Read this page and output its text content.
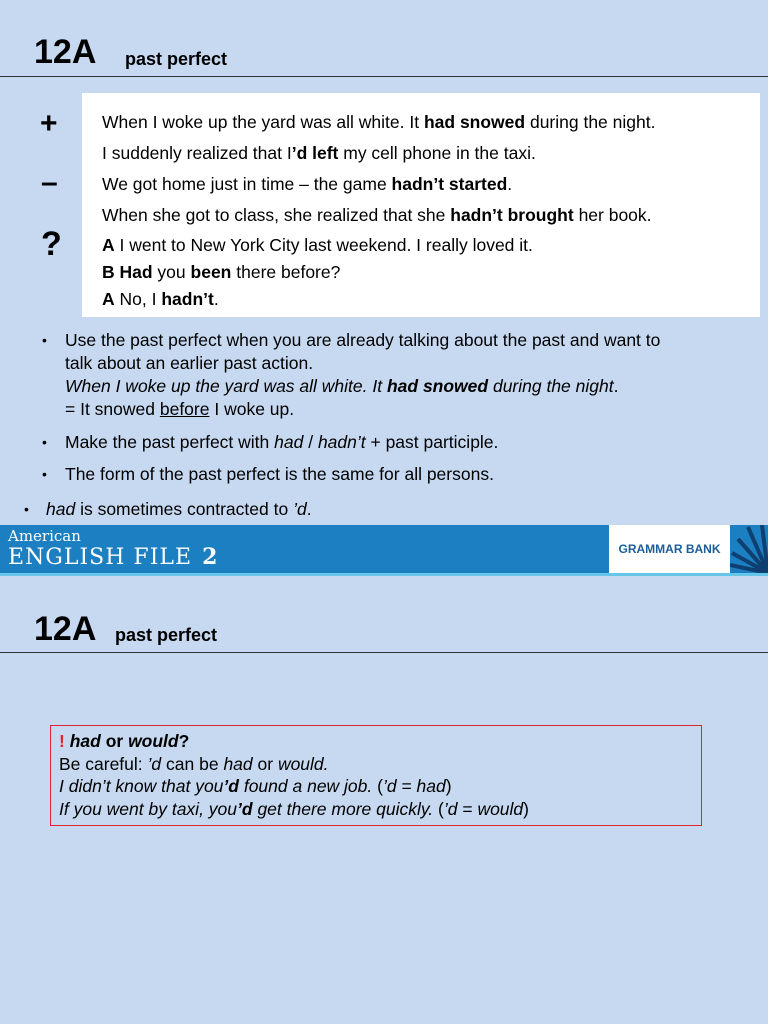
12A past perfect
+
–
?
When I woke up the yard was all white. It had snowed during the night.
I suddenly realized that I’d left my cell phone in the taxi.
We got home just in time – the game hadn’t started.
When she got to class, she realized that she hadn’t brought her book.
A I went to New York City last weekend. I really loved it.
B Had you been there before?
A No, I hadn’t.
• Use the past perfect when you are already talking about the past and want to
talk about an earlier past action.
When I woke up the yard was all white. It had snowed during the night.
= It snowed before I woke up.
• Make the past perfect with had / hadn’t + past participle.
• The form of the past perfect is the same for all persons.
• had is sometimes contracted to ’d.
American
ENGLISH FILE 2	GRAMMAR BANK
12A past perfect
! had or would?
Be careful: ’d can be had or would.
I didn’t know that you’d found a new job. (’d = had)
If you went by taxi, you’d get there more quickly. (’d = would)
